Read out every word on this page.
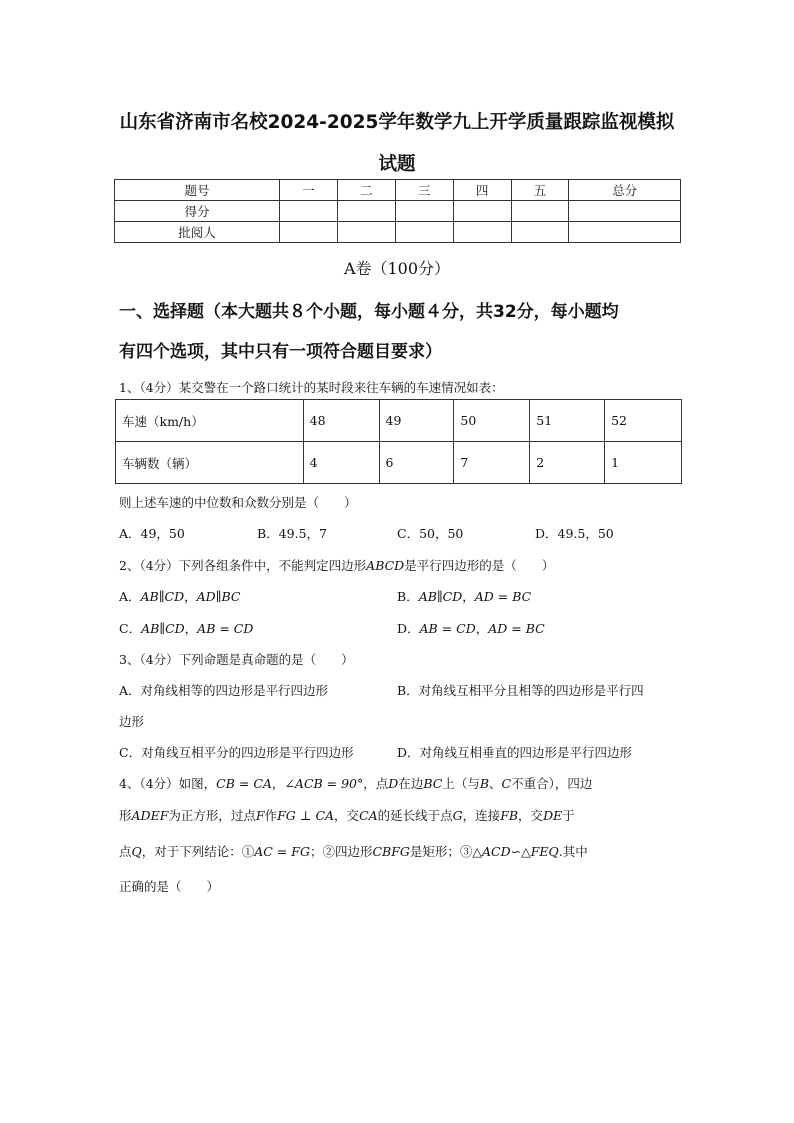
山东省济南市名校2024-2025学年数学九上开学质量跟踪监视模拟
试题
题号	一	二	三	四	五	总分
得分						
批阅人						
A卷（100分）
一、选择题（本大题共８个小题，每小题４分，共32分，每小题均
有四个选项，其中只有一项符合题目要求）
1、（4分）某交警在一个路口统计的某时段来往车辆的车速情况如表：
车速（km/h）	48	49	50	51	52
车辆数（辆）	4	6	7	2	1
则上述车速的中位数和众数分别是（　　）
A．49，50	B．49.5，7	C．50，50	D．49.5，50
2、（4分）下列各组条件中，不能判定四边形ABCD是平行四边形的是（　　）
A．AB∥CD，AD∥BC	B．AB∥CD，AD = BC
C．AB∥CD，AB = CD	D．AB = CD，AD = BC
3、（4分）下列命题是真命题的是（　　）
A．对角线相等的四边形是平行四边形	B．对角线互相平分且相等的四边形是平行四
边形
C．对角线互相平分的四边形是平行四边形	D．对角线互相垂直的四边形是平行四边形
4、（4分）如图，CB = CA，∠ACB = 90°，点D在边BC上（与B、C不重合），四边
形ADEF为正方形，过点F作FG ⊥ CA，交CA的延长线于点G，连接FB，交DE于
点Q，对于下列结论：①AC = FG；②四边形CBFG是矩形；③△ACD∽△FEQ.其中
正确的是（　　）
